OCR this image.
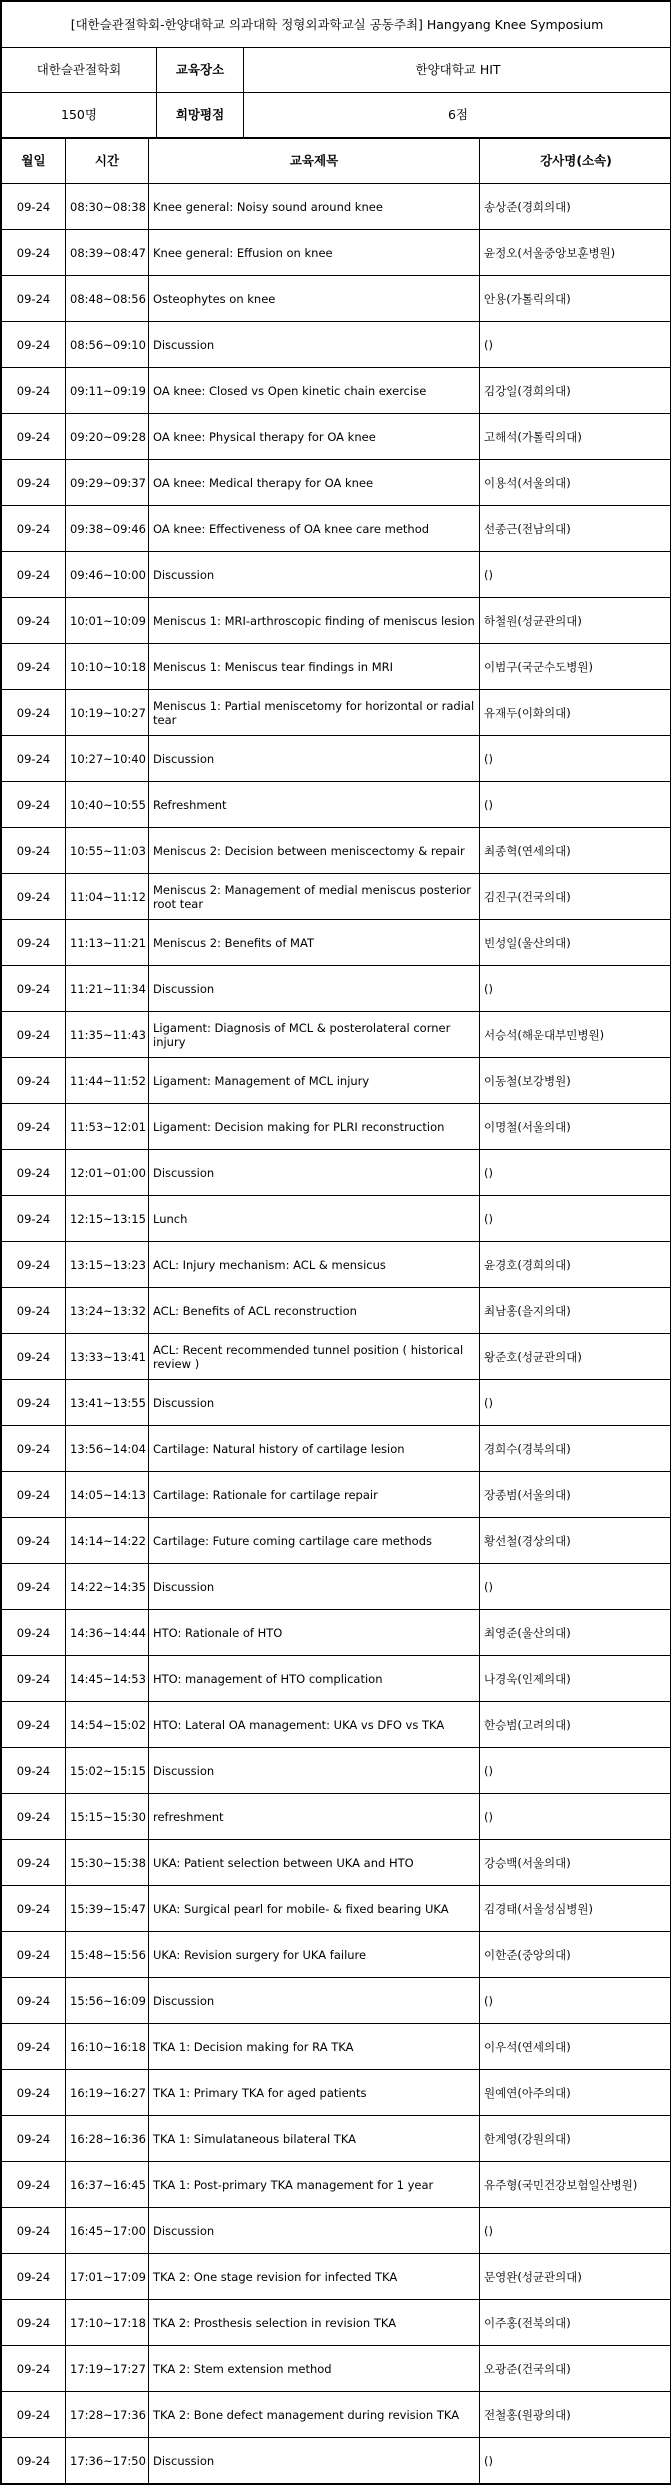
[대한슬관절학회-한양대학교 의과대학 정형외과학교실 공동주최] Hangyang Knee Symposium		
대한슬관절학회	교육장소	한양대학교 HIT
150명	희망평점	6점
월일	시간	교육제목	강사명(소속)
09-24	08:30~08:38	Knee general: Noisy sound around knee	송상준(경희의대)
09-24	08:39~08:47	Knee general: Effusion on knee	윤정오(서울중앙보훈병원)
09-24	08:48~08:56	Osteophytes on knee	안용(가톨릭의대)
09-24	08:56~09:10	Discussion	()
09-24	09:11~09:19	OA knee: Closed vs Open kinetic chain exercise	김강일(경희의대)
09-24	09:20~09:28	OA knee: Physical therapy for OA knee	고해석(가톨릭의대)
09-24	09:29~09:37	OA knee: Medical therapy for OA knee	이용석(서울의대)
09-24	09:38~09:46	OA knee: Effectiveness of OA knee care method	선종근(전남의대)
09-24	09:46~10:00	Discussion	()
09-24	10:01~10:09	Meniscus 1: MRI-arthroscopic finding of meniscus lesion	하철원(성균관의대)
09-24	10:10~10:18	Meniscus 1: Meniscus tear findings in MRI	이범구(국군수도병원)
09-24	10:19~10:27	Meniscus 1: Partial meniscetomy for horizontal or radial tear	유재두(이화의대)
09-24	10:27~10:40	Discussion	()
09-24	10:40~10:55	Refreshment	()
09-24	10:55~11:03	Meniscus 2: Decision between meniscectomy & repair	최종혁(연세의대)
09-24	11:04~11:12	Meniscus 2: Management of medial meniscus posterior root tear	김진구(건국의대)
09-24	11:13~11:21	Meniscus 2: Benefits of MAT	빈성일(울산의대)
09-24	11:21~11:34	Discussion	()
09-24	11:35~11:43	Ligament: Diagnosis of MCL & posterolateral corner injury	서승석(해운대부민병원)
09-24	11:44~11:52	Ligament: Management of MCL injury	이동철(보강병원)
09-24	11:53~12:01	Ligament: Decision making for PLRI reconstruction	이명철(서울의대)
09-24	12:01~01:00	Discussion	()
09-24	12:15~13:15	Lunch	()
09-24	13:15~13:23	ACL: Injury mechanism: ACL & mensicus	윤경호(경희의대)
09-24	13:24~13:32	ACL: Benefits of ACL reconstruction	최남홍(을지의대)
09-24	13:33~13:41	ACL: Recent recommended tunnel position ( historical review )	왕준호(성균관의대)
09-24	13:41~13:55	Discussion	()
09-24	13:56~14:04	Cartilage: Natural history of cartilage lesion	경희수(경북의대)
09-24	14:05~14:13	Cartilage: Rationale for cartilage repair	장종범(서울의대)
09-24	14:14~14:22	Cartilage: Future coming cartilage care methods	황선철(경상의대)
09-24	14:22~14:35	Discussion	()
09-24	14:36~14:44	HTO: Rationale of HTO	최영준(울산의대)
09-24	14:45~14:53	HTO: management of HTO complication	나경욱(인제의대)
09-24	14:54~15:02	HTO: Lateral OA management: UKA vs DFO vs TKA	한승범(고려의대)
09-24	15:02~15:15	Discussion	()
09-24	15:15~15:30	refreshment	()
09-24	15:30~15:38	UKA: Patient selection between UKA and HTO	강승백(서울의대)
09-24	15:39~15:47	UKA: Surgical pearl for mobile- & fixed bearing UKA	김경태(서울성심병원)
09-24	15:48~15:56	UKA: Revision surgery for UKA failure	이한준(중앙의대)
09-24	15:56~16:09	Discussion	()
09-24	16:10~16:18	TKA 1: Decision making for RA TKA	이우석(연세의대)
09-24	16:19~16:27	TKA 1: Primary TKA for aged patients	원예연(아주의대)
09-24	16:28~16:36	TKA 1: Simulataneous bilateral TKA	한계영(강원의대)
09-24	16:37~16:45	TKA 1: Post-primary TKA management for 1 year	유주형(국민건강보험일산병원)
09-24	16:45~17:00	Discussion	()
09-24	17:01~17:09	TKA 2: One stage revision for infected TKA	문영완(성균관의대)
09-24	17:10~17:18	TKA 2: Prosthesis selection in revision TKA	이주홍(전북의대)
09-24	17:19~17:27	TKA 2: Stem extension method	오광준(건국의대)
09-24	17:28~17:36	TKA 2: Bone defect management during revision TKA	전철홍(원광의대)
09-24	17:36~17:50	Discussion	()
